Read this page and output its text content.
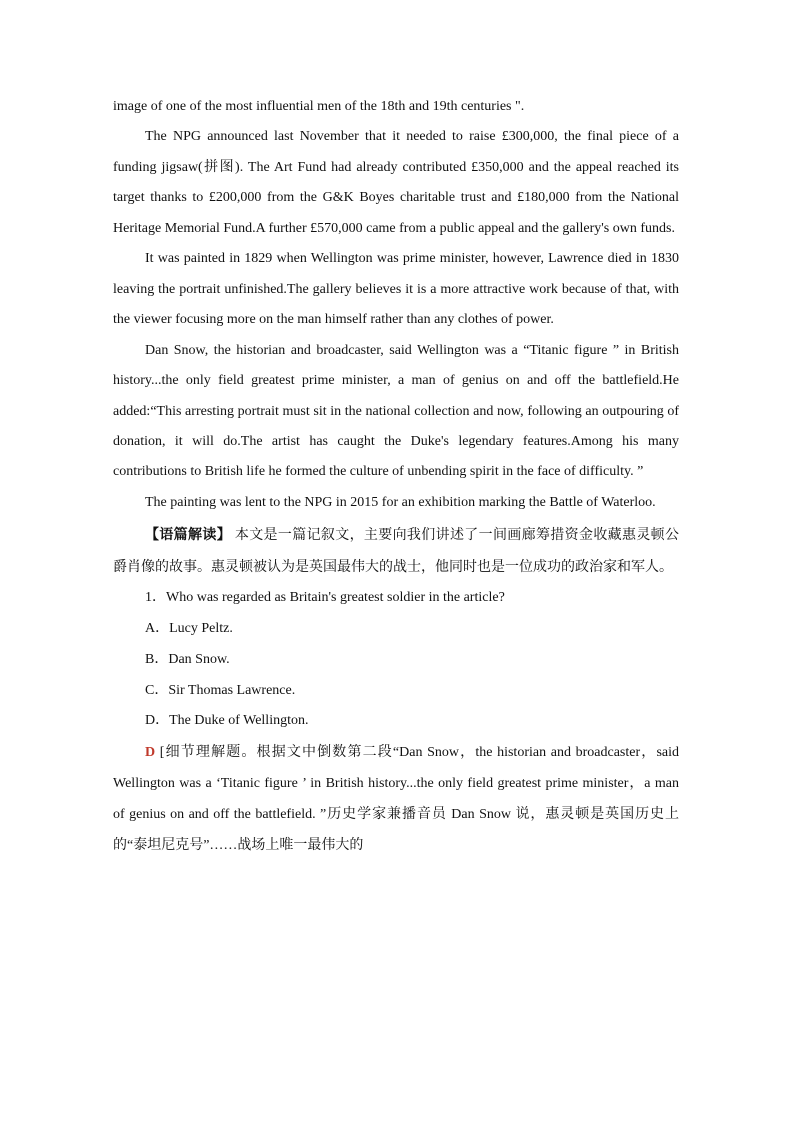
image of one of the most influential men of the 18th and 19th centuries ".

The NPG announced last November that it needed to raise £300,000, the final piece of a funding jigsaw(拼图). The Art Fund had already contributed £350,000 and the appeal reached its target thanks to £200,000 from the G&K Boyes charitable trust and £180,000 from the National Heritage Memorial Fund.A further £570,000 came from a public appeal and the gallery's own funds.

It was painted in 1829 when Wellington was prime minister, however, Lawrence died in 1830 leaving the portrait unfinished.The gallery believes it is a more attractive work because of that, with the viewer focusing more on the man himself rather than any clothes of power.

Dan Snow, the historian and broadcaster, said Wellington was a “Titanic figure ” in British history...the only field greatest prime minister, a man of genius on and off the battlefield.He added:“This arresting portrait must sit in the national collection and now, following an outpouring of donation, it will do.The artist has caught the Duke's legendary features.Among his many contributions to British life he formed the culture of unbending spirit in the face of difficulty. ”

The painting was lent to the NPG in 2015 for an exhibition marking the Battle of Waterloo.

【语篇解读】 本文是一篇记叙文，主要向我们讲述了一间画廊筹措资金收藏惠灵顿公爵肖像的故事。惠灵顿被认为是英国最伟大的战士，他同时也是一位成功的政治家和军人。

1．Who was regarded as Britain's greatest soldier in the article?

A．Lucy Peltz.

B．Dan Snow.

C．Sir Thomas Lawrence.

D．The Duke of Wellington.

D [细节理解题。根据文中倒数第二段“Dan Snow，the historian and broadcaster，said Wellington was a ‘Titanic figure ’ in British history...the only field greatest prime minister，a man of genius on and off the battlefield. ”历史学家兼播音员 Dan Snow 说，惠灵顿是英国历史上的“泰坦尼克号”……战场上唯一最伟大的
